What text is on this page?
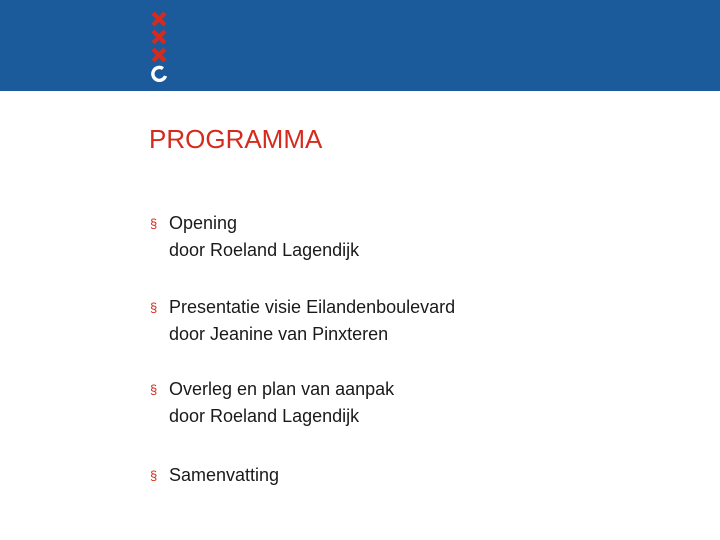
PROGRAMMA
§ Opening
door Roeland Lagendijk
§ Presentatie visie Eilandenboulevard
door Jeanine van Pinxteren
§ Overleg en plan van aanpak
door Roeland Lagendijk
§ Samenvatting
